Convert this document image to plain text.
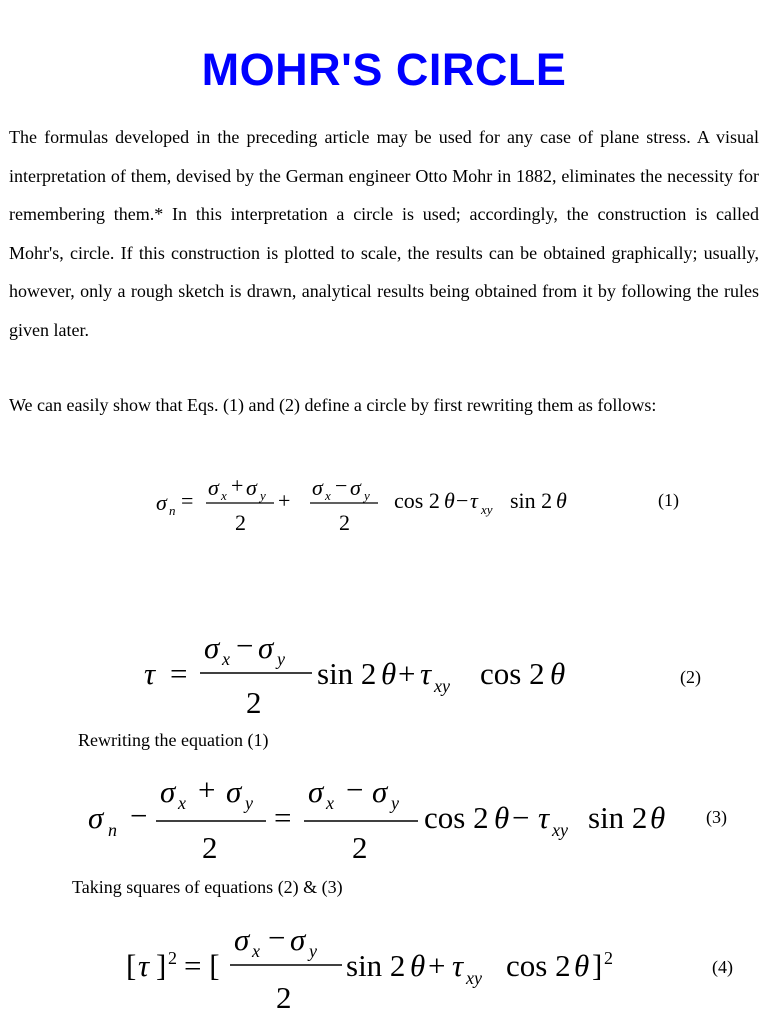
MOHR'S CIRCLE

The formulas developed in the preceding article may be used for any case of plane stress. A visual interpretation of them, devised by the German engineer Otto Mohr in 1882, eliminates the necessity for remembering them.* In this interpretation a circle is used; accordingly, the construction is called Mohr's, circle. If this construction is plotted to scale, the results can be obtained graphically; usually, however, only a rough sketch is drawn, analytical results being obtained from it by following the rules given later.

We can easily show that Eqs. (1) and (2) define a circle by first rewriting them as follows:

σ n =
σ x + σ y
2
+
σ x − σ y
2
cos 2 θ − τ xy sin 2 θ	(1)
τ =
σ x − σ y
2
sin 2 θ + τ xy cos 2 θ	(2)
Rewriting the equation (1)
σ n −
σ x + σ y
2
=
σ x − σ y
2
cos 2 θ − τ xy sin 2 θ (3)
Taking squares of equations (2) & (3)
[ τ ] 2 = [
σ x − σ y
2
sin 2 θ + τ xy cos 2 θ ] 2	(4)
